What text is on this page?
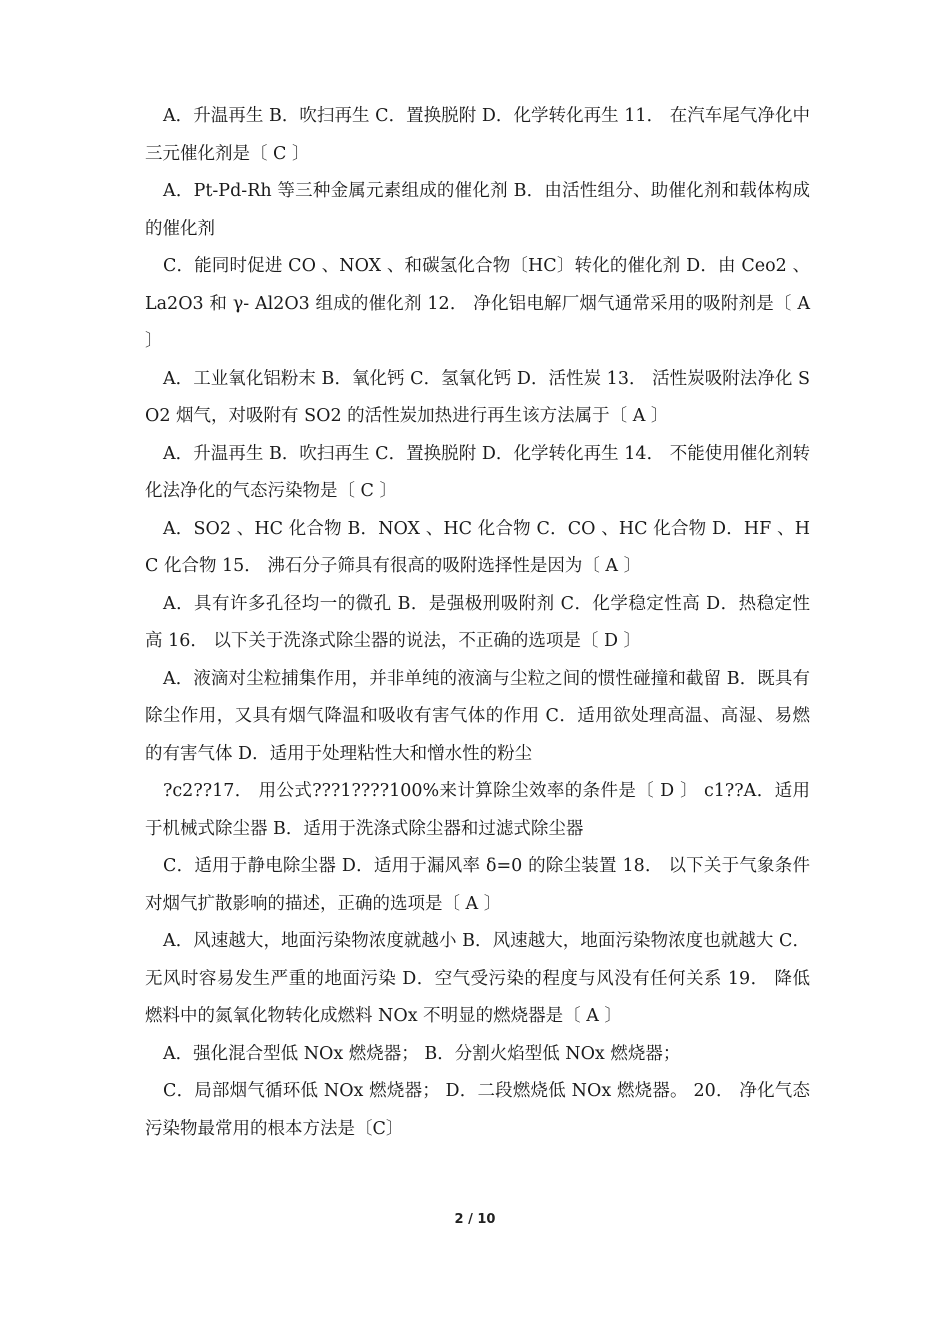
A．升温再生 B．吹扫再生 C．置换脱附 D．化学转化再生 11． 在汽车尾气净化中三元催化剂是〔 C 〕

A．Pt-Pd-Rh 等三种金属元素组成的催化剂 B．由活性组分、助催化剂和载体构成的催化剂

C．能同时促进 CO 、NOX 、和碳氢化合物〔HC〕转化的催化剂 D．由 Ceo2 、La2O3 和 γ- Al2O3 组成的催化剂 12． 净化铝电解厂烟气通常采用的吸附剂是〔 A 〕

A．工业氧化铝粉末 B．氧化钙 C．氢氧化钙 D．活性炭 13． 活性炭吸附法净化 SO2 烟气，对吸附有 SO2 的活性炭加热进行再生该方法属于〔 A 〕

A．升温再生 B．吹扫再生 C．置换脱附 D．化学转化再生 14． 不能使用催化剂转化法净化的气态污染物是〔 C 〕

A．SO2 、HC 化合物 B．NOX 、HC 化合物 C．CO 、HC 化合物 D．HF 、HC 化合物 15． 沸石分子筛具有很高的吸附选择性是因为〔 A 〕

A．具有许多孔径均一的微孔 B．是强极刑吸附剂 C．化学稳定性高 D．热稳定性高 16． 以下关于洗涤式除尘器的说法，不正确的选项是〔 D 〕

A．液滴对尘粒捕集作用，并非单纯的液滴与尘粒之间的惯性碰撞和截留 B．既具有除尘作用，又具有烟气降温和吸收有害气体的作用 C．适用欲处理高温、高湿、易燃的有害气体 D．适用于处理粘性大和憎水性的粉尘

?c2??17． 用公式???1????100%来计算除尘效率的条件是〔 D 〕 c1??A．适用于机械式除尘器 B．适用于洗涤式除尘器和过滤式除尘器

C．适用于静电除尘器 D．适用于漏风率 δ=0 的除尘装置 18． 以下关于气象条件对烟气扩散影响的描述，正确的选项是〔 A 〕

A．风速越大，地面污染物浓度就越小 B．风速越大，地面污染物浓度也就越大 C．无风时容易发生严重的地面污染 D．空气受污染的程度与风没有任何关系 19． 降低燃料中的氮氧化物转化成燃料 NOx 不明显的燃烧器是〔 A 〕

A．强化混合型低 NOx 燃烧器； B．分割火焰型低 NOx 燃烧器；

C．局部烟气循环低 NOx 燃烧器； D．二段燃烧低 NOx 燃烧器。 20． 净化气态污染物最常用的根本方法是〔C〕

2 / 10
